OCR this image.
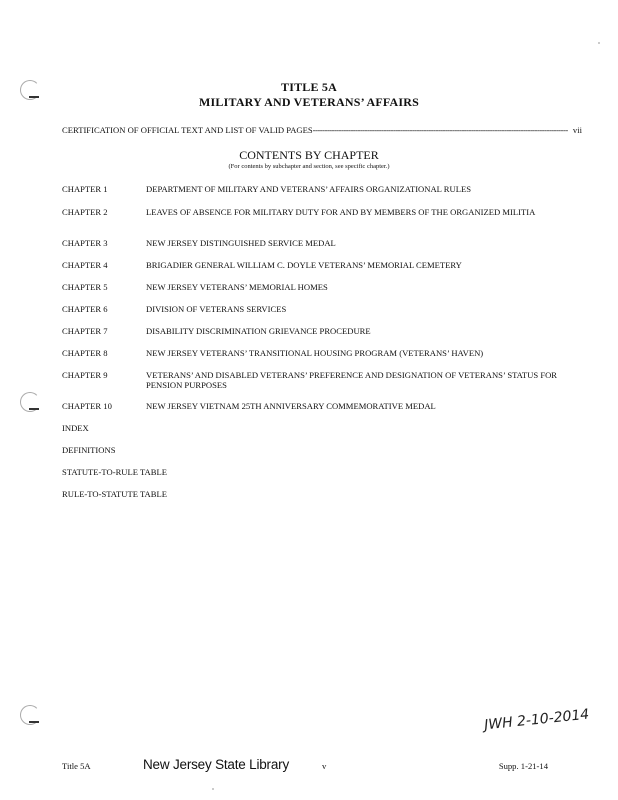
TITLE 5A
MILITARY AND VETERANS’ AFFAIRS
CERTIFICATION OF OFFICIAL TEXT AND LIST OF VALID PAGES ------------------------------------------------------------------------------------------------------------ vii
CONTENTS BY CHAPTER
(For contents by subchapter and section, see specific chapter.)
CHAPTER 1	DEPARTMENT OF MILITARY AND VETERANS’ AFFAIRS ORGANIZATIONAL RULES
CHAPTER 2	LEAVES OF ABSENCE FOR MILITARY DUTY FOR AND BY MEMBERS OF THE ORGANIZED MILITIA
CHAPTER 3	NEW JERSEY DISTINGUISHED SERVICE MEDAL
CHAPTER 4	BRIGADIER GENERAL WILLIAM C. DOYLE VETERANS’ MEMORIAL CEMETERY
CHAPTER 5	NEW JERSEY VETERANS’ MEMORIAL HOMES
CHAPTER 6	DIVISION OF VETERANS SERVICES
CHAPTER 7	DISABILITY DISCRIMINATION GRIEVANCE PROCEDURE
CHAPTER 8	NEW JERSEY VETERANS’ TRANSITIONAL HOUSING PROGRAM (VETERANS’ HAVEN)
CHAPTER 9	VETERANS’ AND DISABLED VETERANS’ PREFERENCE AND DESIGNATION OF VETERANS’ STATUS FOR PENSION PURPOSES
CHAPTER 10	NEW JERSEY VIETNAM 25TH ANNIVERSARY COMMEMORATIVE MEDAL
INDEX
DEFINITIONS
STATUTE-TO-RULE TABLE
RULE-TO-STATUTE TABLE
JWH 2-10-2014
Title 5A	New Jersey State Library	v	Supp. 1-21-14
